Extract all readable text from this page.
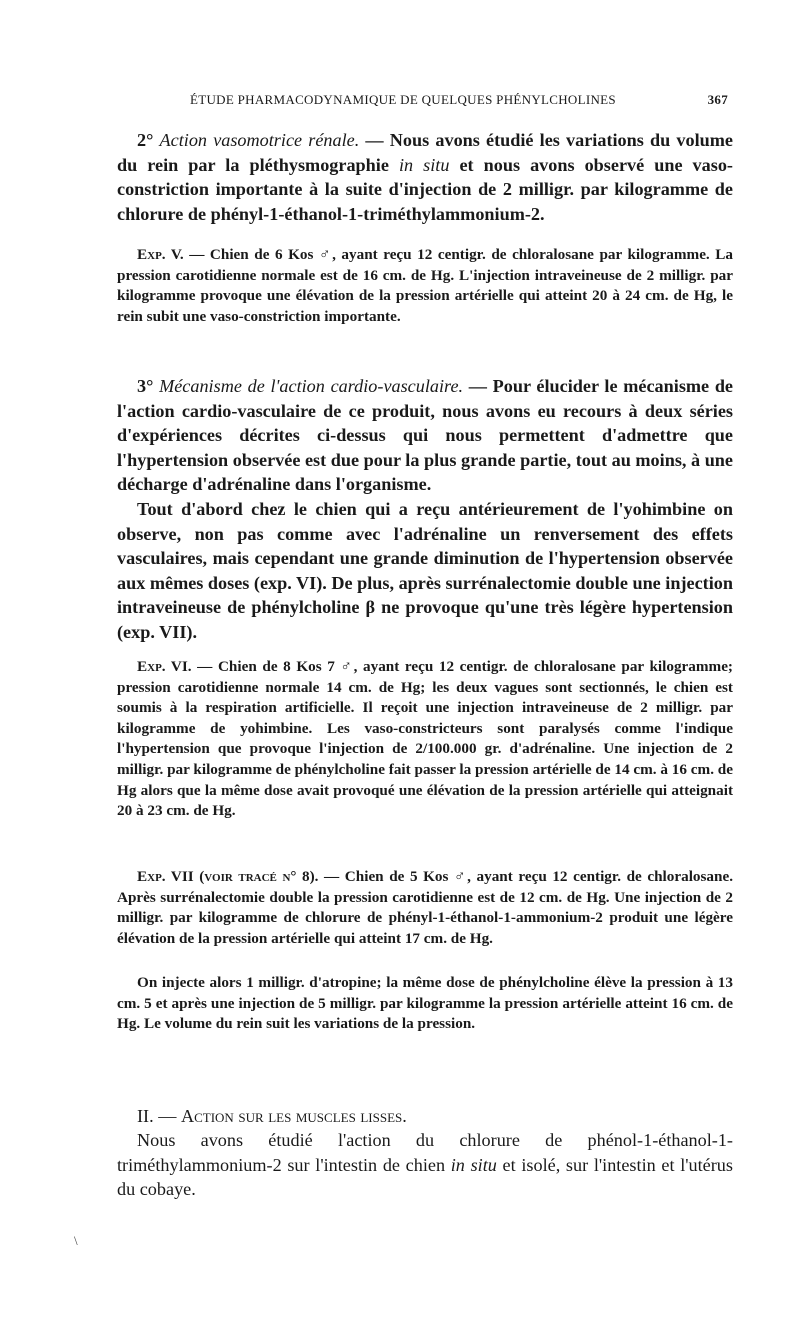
ÉTUDE PHARMACODYNAMIQUE DE QUELQUES PHÉNYLCHOLINES	367

2° Action vasomotrice rénale. — Nous avons étudié les variations du volume du rein par la pléthysmographie in situ et nous avons observé une vaso-constriction importante à la suite d'injection de 2 milligr. par kilogramme de chlorure de phényl-1-éthanol-1-triméthylammonium-2.

Exp. V. — Chien de 6 Kos ♂, ayant reçu 12 centigr. de chloralosane par kilogramme. La pression carotidienne normale est de 16 cm. de Hg. L'injection intraveineuse de 2 milligr. par kilogramme provoque une élévation de la pression artérielle qui atteint 20 à 24 cm. de Hg, le rein subit une vaso-constriction importante.

3° Mécanisme de l'action cardio-vasculaire. — Pour élucider le mécanisme de l'action cardio-vasculaire de ce produit, nous avons eu recours à deux séries d'expériences décrites ci-dessus qui nous permettent d'admettre que l'hypertension observée est due pour la plus grande partie, tout au moins, à une décharge d'adrénaline dans l'organisme.

Tout d'abord chez le chien qui a reçu antérieurement de l'yohimbine on observe, non pas comme avec l'adrénaline un renversement des effets vasculaires, mais cependant une grande diminution de l'hypertension observée aux mêmes doses (exp. VI). De plus, après surrénalectomie double une injection intraveineuse de phénylcholine β ne provoque qu'une très légère hypertension (exp. VII).

Exp. VI. — Chien de 8 Kos 7 ♂, ayant reçu 12 centigr. de chloralosane par kilogramme; pression carotidienne normale 14 cm. de Hg; les deux vagues sont sectionnés, le chien est soumis à la respiration artificielle. Il reçoit une injection intraveineuse de 2 milligr. par kilogramme de yohimbine. Les vaso-constricteurs sont paralysés comme l'indique l'hypertension que provoque l'injection de 2/100.000 gr. d'adrénaline. Une injection de 2 milligr. par kilogramme de phénylcholine fait passer la pression artérielle de 14 cm. à 16 cm. de Hg alors que la même dose avait provoqué une élévation de la pression artérielle qui atteignait 20 à 23 cm. de Hg.

Exp. VII (voir tracé n° 8). — Chien de 5 Kos ♂, ayant reçu 12 centigr. de chloralosane. Après surrénalectomie double la pression carotidienne est de 12 cm. de Hg. Une injection de 2 milligr. par kilogramme de chlorure de phényl-1-éthanol-1-ammonium-2 produit une légère élévation de la pression artérielle qui atteint 17 cm. de Hg.

On injecte alors 1 milligr. d'atropine; la même dose de phénylcholine élève la pression à 13 cm. 5 et après une injection de 5 milligr. par kilogramme la pression artérielle atteint 16 cm. de Hg. Le volume du rein suit les variations de la pression.

II. — Action sur les muscles lisses.

Nous avons étudié l'action du chlorure de phénol-1-éthanol-1-triméthylammonium-2 sur l'intestin de chien in situ et isolé, sur l'intestin et l'utérus du cobaye.

\
